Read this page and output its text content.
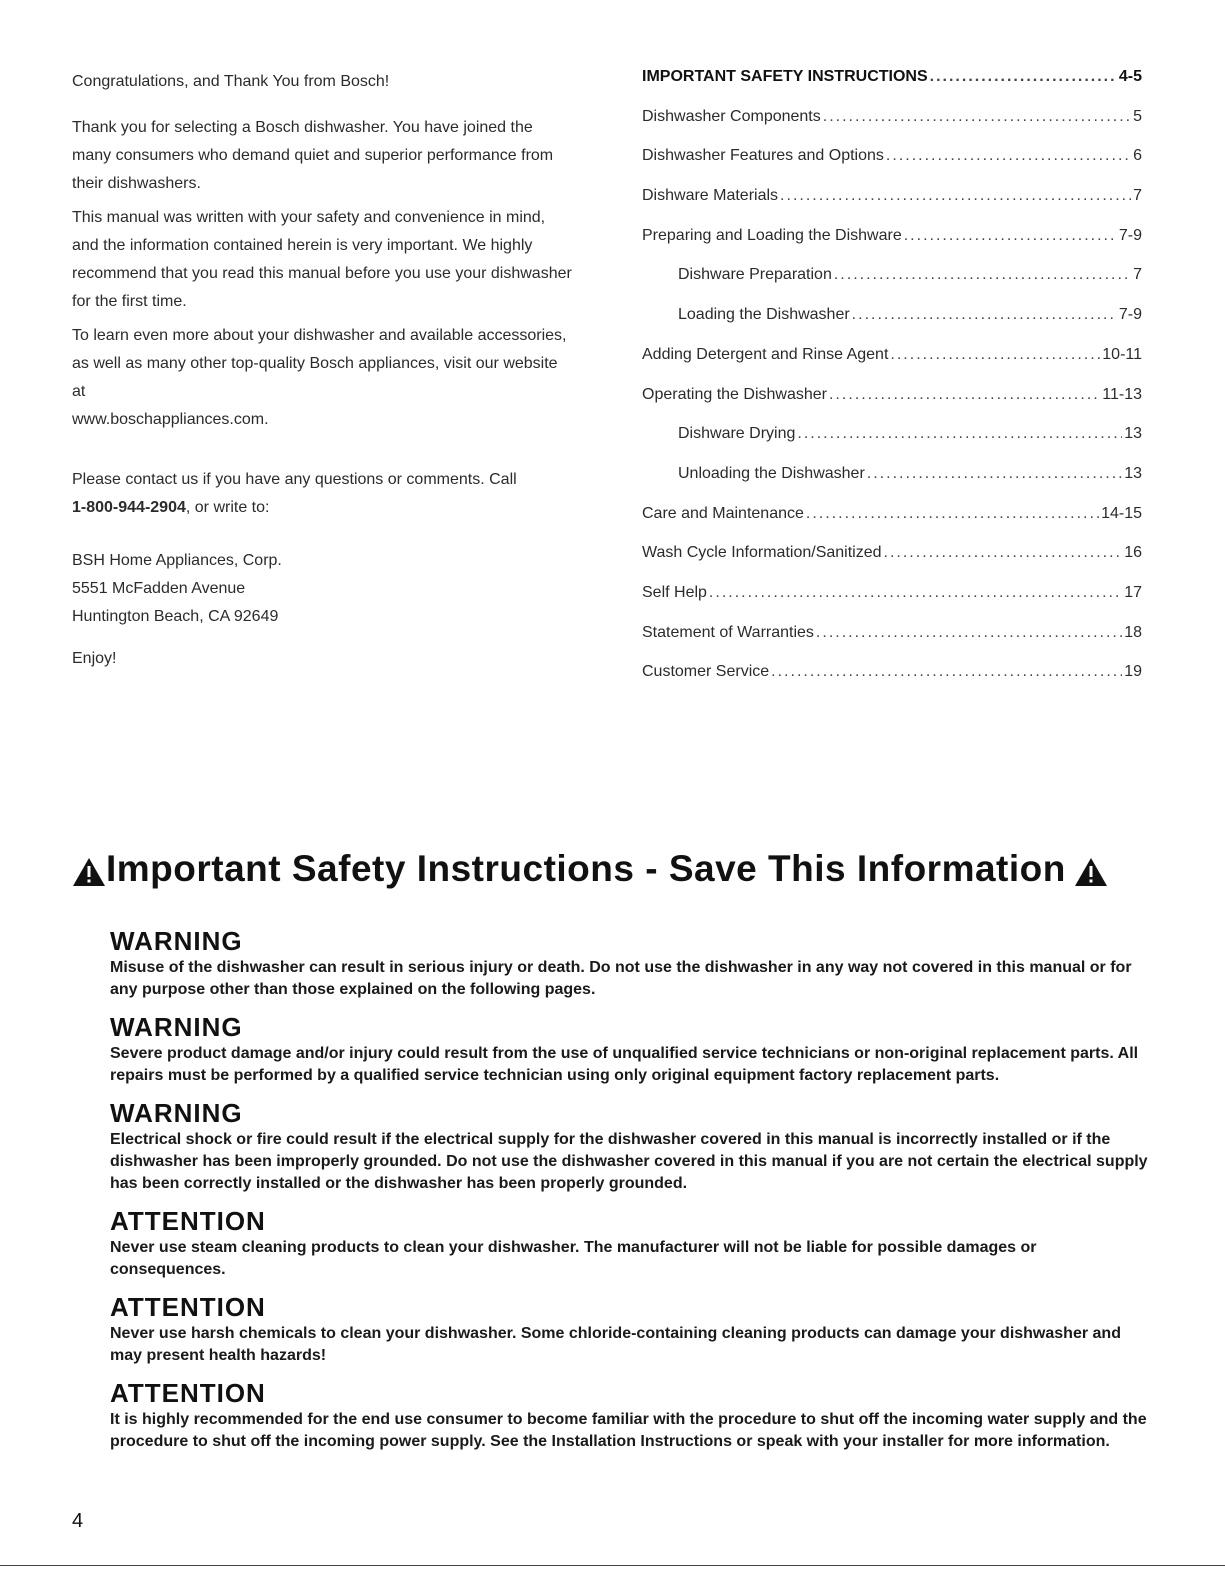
Congratulations, and Thank You from Bosch!

Thank you for selecting a Bosch dishwasher. You have joined the many consumers who demand quiet and superior performance from their dishwashers.

This manual was written with your safety and convenience in mind, and the information contained herein is very important. We highly recommend that you read this manual before you use your dishwasher for the first time.

To learn even more about your dishwasher and available accessories, as well as many other top-quality Bosch appliances, visit our website at

www.boschappliances.com.

Please contact us if you have any questions or comments. Call
1-800-944-2904, or write to:

BSH Home Appliances, Corp.

5551 McFadden Avenue

Huntington Beach, CA 92649

Enjoy!

IMPORTANT SAFETY INSTRUCTIONS .....	4-5
Dishwasher Components .....	5
Dishwasher Features and Options .....	6
Dishware Materials .....	7
Preparing and Loading the Dishware .....	7-9
Dishware Preparation .....	7
Loading the Dishwasher .....	7-9
Adding Detergent and Rinse Agent .....	10-11
Operating the Dishwasher .....	11-13
Dishware Drying .....	13
Unloading the Dishwasher .....	13
Care and Maintenance .....	14-15
Wash Cycle Information/Sanitized .....	16
Self Help .....	17
Statement of Warranties .....	18
Customer Service .....	19
Important Safety Instructions - Save This Information
WARNING
Misuse of the dishwasher can result in serious injury or death. Do not use the dishwasher in any way not covered in this manual or for any purpose other than those explained on the following pages.
WARNING
Severe product damage and/or injury could result from the use of unqualified service technicians or non-original replacement parts. All repairs must be performed by a qualified service technician using only original equipment factory replacement parts.
WARNING
Electrical shock or fire could result if the electrical supply for the dishwasher covered in this manual is incorrectly installed or if the dishwasher has been improperly grounded. Do not use the dishwasher covered in this manual if you are not certain the electrical supply has been correctly installed or the dishwasher has been properly grounded.
ATTENTION
Never use steam cleaning products to clean your dishwasher. The manufacturer will not be liable for possible damages or consequences.
ATTENTION
Never use harsh chemicals to clean your dishwasher. Some chloride-containing cleaning products can damage your dishwasher and may present health hazards!
ATTENTION
It is highly recommended for the end use consumer to become familiar with the procedure to shut off the incoming water supply and the procedure to shut off the incoming power supply. See the Installation Instructions or speak with your installer for more information.
4
